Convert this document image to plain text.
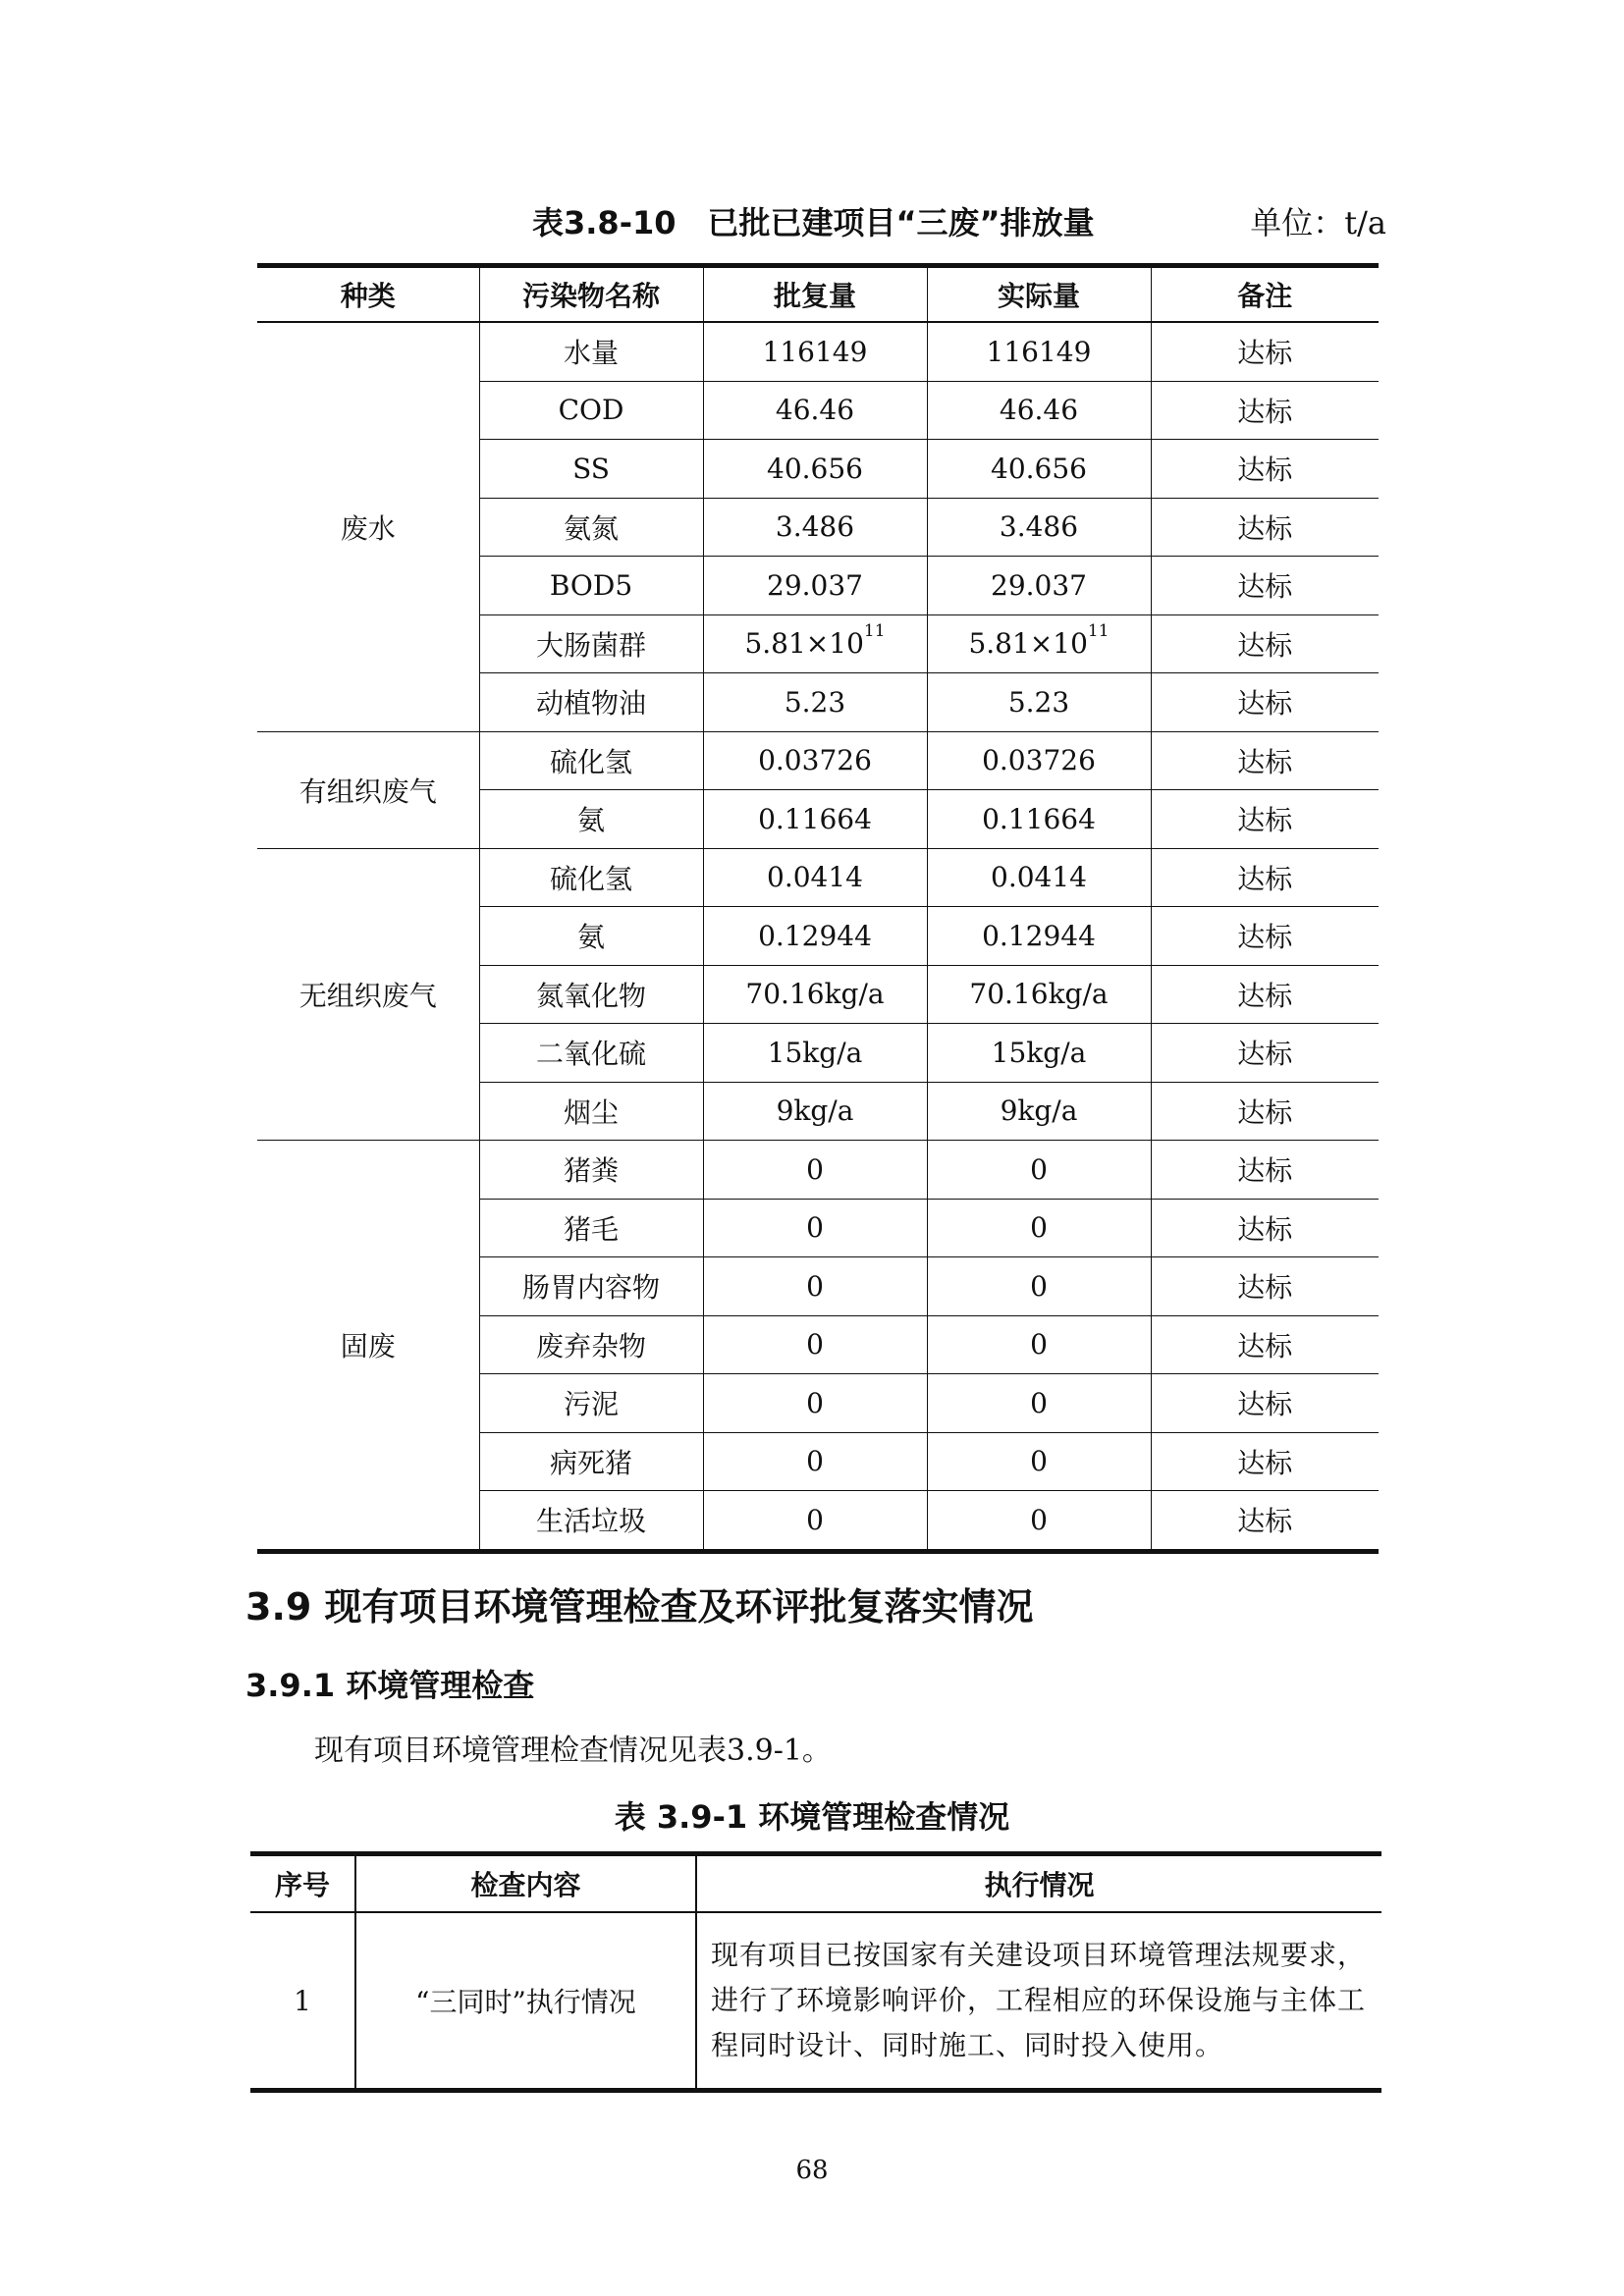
表3.8-10　已批已建项目“三废”排放量	单位：t/a
种类	污染物名称	批复量	实际量	备注
废水	水量	116149	116149	达标
	COD	46.46	46.46	达标
	SS	40.656	40.656	达标
	氨氮	3.486	3.486	达标
	BOD5	29.037	29.037	达标
	大肠菌群	$5.81\times 10^{11}$	$5.81\times 10^{11}$	达标
	动植物油	5.23	5.23	达标
有组织废气	硫化氢	0.03726	0.03726	达标
	氨	0.11664	0.11664	达标
无组织废气	硫化氢	0.0414	0.0414	达标
	氨	0.12944	0.12944	达标
	氮氧化物	70.16kg/a	70.16kg/a	达标
	二氧化硫	15kg/a	15kg/a	达标
	烟尘	9kg/a	9kg/a	达标
固废	猪粪	0	0	达标
	猪毛	0	0	达标
	肠胃内容物	0	0	达标
	废弃杂物	0	0	达标
	污泥	0	0	达标
	病死猪	0	0	达标
	生活垃圾	0	0	达标
3.9 现有项目环境管理检查及环评批复落实情况
3.9.1 环境管理检查
现有项目环境管理检查情况见表3.9-1。
表 3.9-1 环境管理检查情况
序号	检查内容	执行情况
1	“三同时”执行情况	现有项目已按国家有关建设项目环境管理法规要求，进行了环境影响评价，工程相应的环保设施与主体工程同时设计、同时施工、同时投入使用。
68
